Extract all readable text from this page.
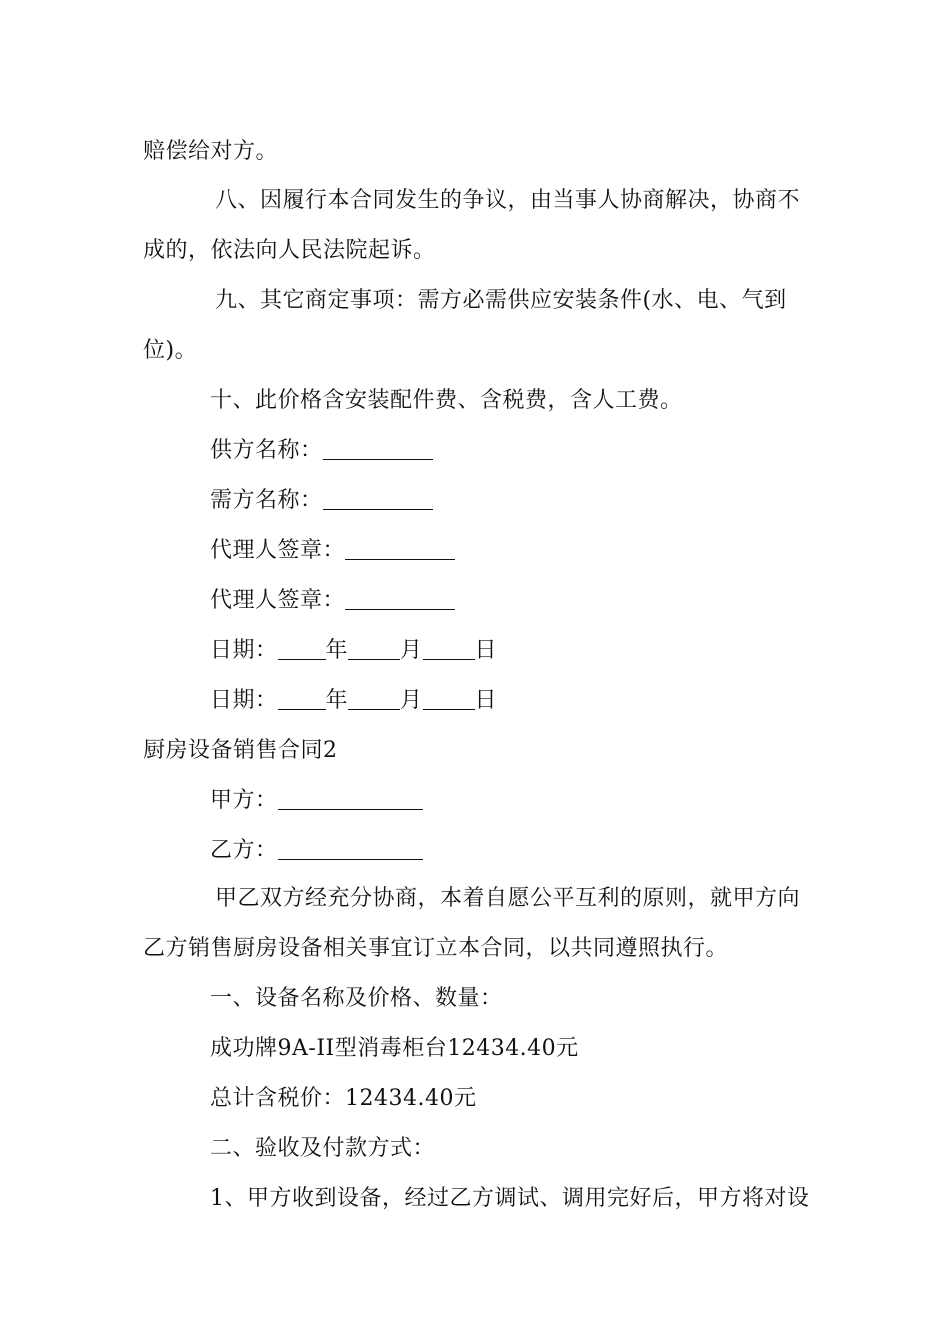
赔偿给对方。
八、因履行本合同发生的争议，由当事人协商解决，协商不
成的，依法向人民法院起诉。
九、其它商定事项：需方必需供应安装条件(水、电、气到
位)。
十、此价格含安装配件费、含税费，含人工费。
供方名称：
需方名称：
代理人签章：
代理人签章：
日期： 年 月 日
日期： 年 月 日
厨房设备销售合同2
甲方：
乙方：
甲乙双方经充分协商，本着自愿公平互利的原则，就甲方向
乙方销售厨房设备相关事宜订立本合同，以共同遵照执行。
一、设备名称及价格、数量：
成功牌9A-II型消毒柜台12434.40元
总计含税价：12434.40元
二、验收及付款方式：
1、甲方收到设备，经过乙方调试、调用完好后，甲方将对设
